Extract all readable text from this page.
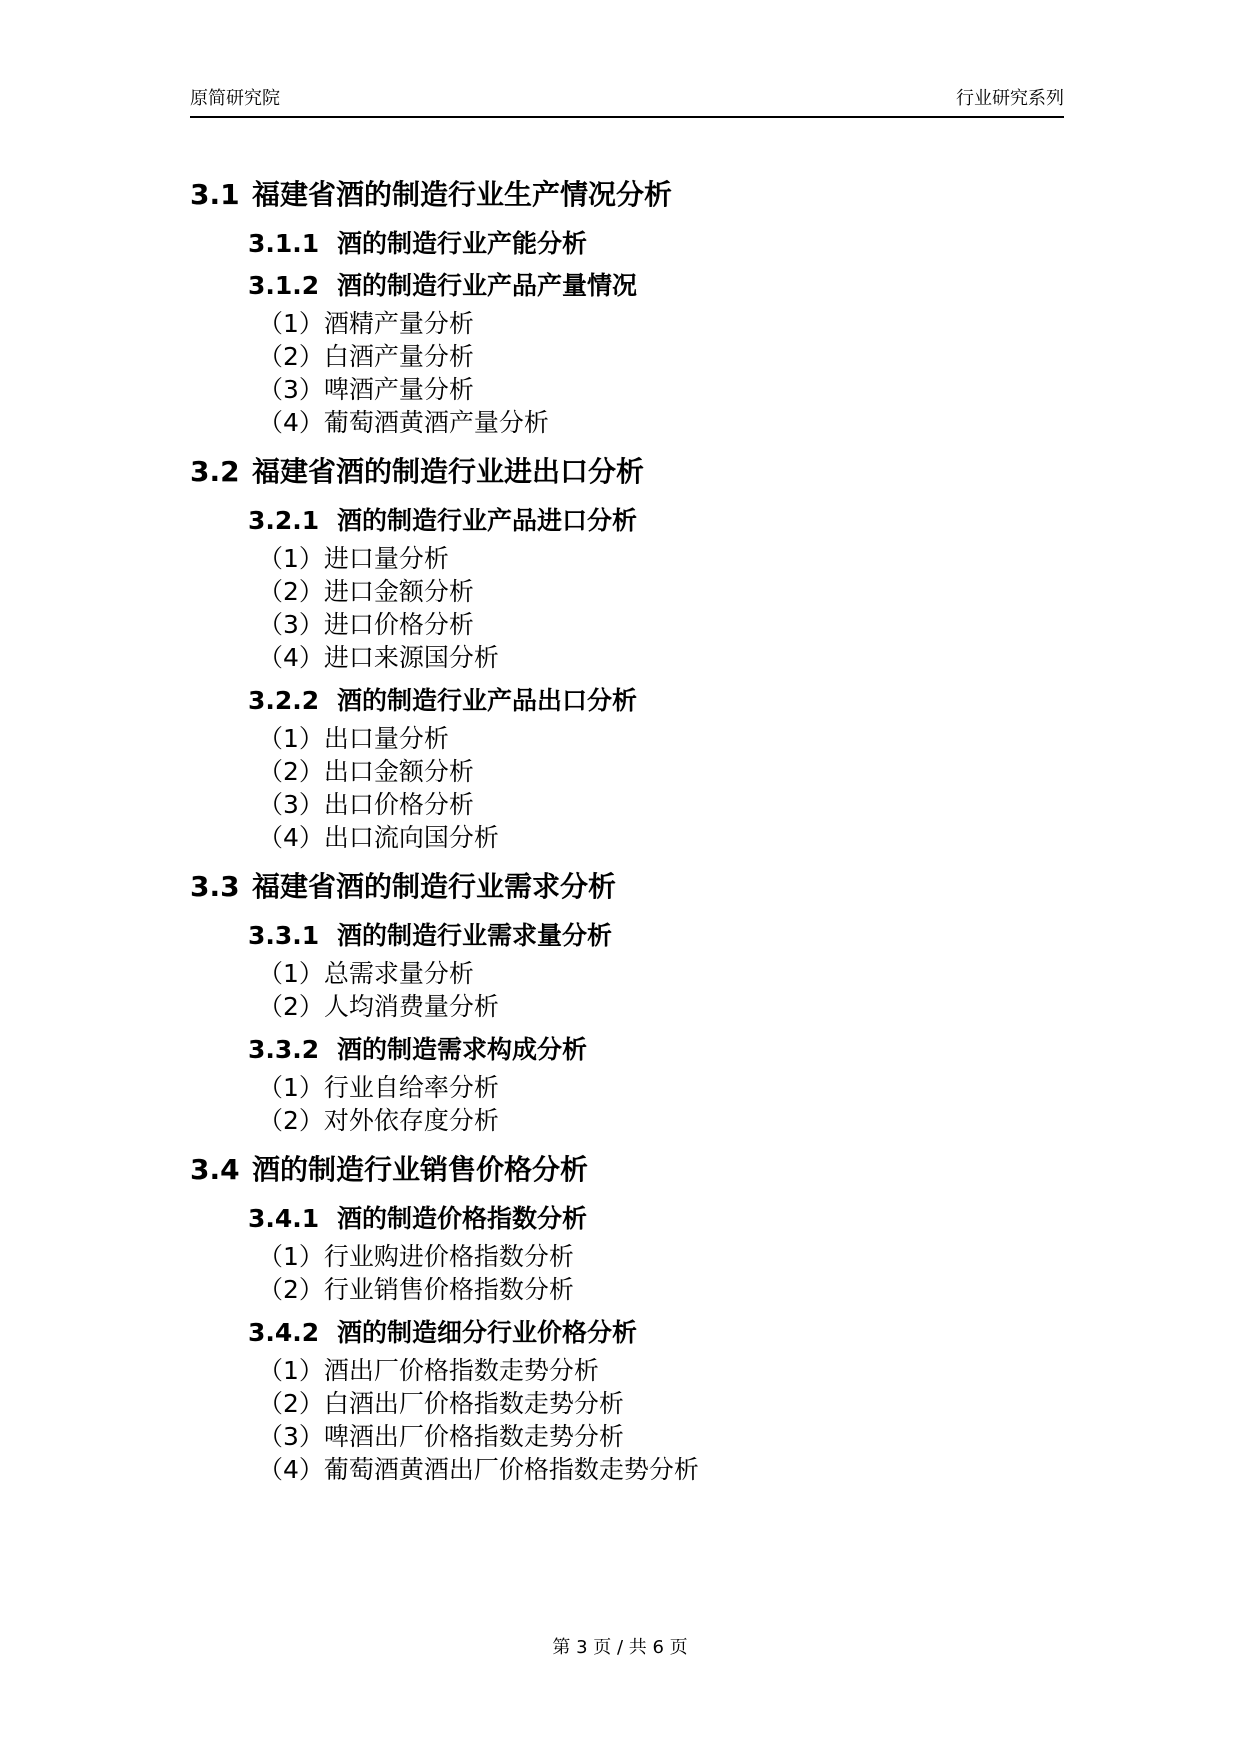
原简研究院	行业研究系列
3.1 福建省酒的制造行业生产情况分析
3.1.1 酒的制造行业产能分析
3.1.2 酒的制造行业产品产量情况
（1）酒精产量分析
（2）白酒产量分析
（3）啤酒产量分析
（4）葡萄酒黄酒产量分析
3.2 福建省酒的制造行业进出口分析
3.2.1 酒的制造行业产品进口分析
（1）进口量分析
（2）进口金额分析
（3）进口价格分析
（4）进口来源国分析
3.2.2 酒的制造行业产品出口分析
（1）出口量分析
（2）出口金额分析
（3）出口价格分析
（4）出口流向国分析
3.3 福建省酒的制造行业需求分析
3.3.1 酒的制造行业需求量分析
（1）总需求量分析
（2）人均消费量分析
3.3.2 酒的制造需求构成分析
（1）行业自给率分析
（2）对外依存度分析
3.4 酒的制造行业销售价格分析
3.4.1 酒的制造价格指数分析
（1）行业购进价格指数分析
（2）行业销售价格指数分析
3.4.2 酒的制造细分行业价格分析
（1）酒出厂价格指数走势分析
（2）白酒出厂价格指数走势分析
（3）啤酒出厂价格指数走势分析
（4）葡萄酒黄酒出厂价格指数走势分析
第 3 页 / 共 6 页
